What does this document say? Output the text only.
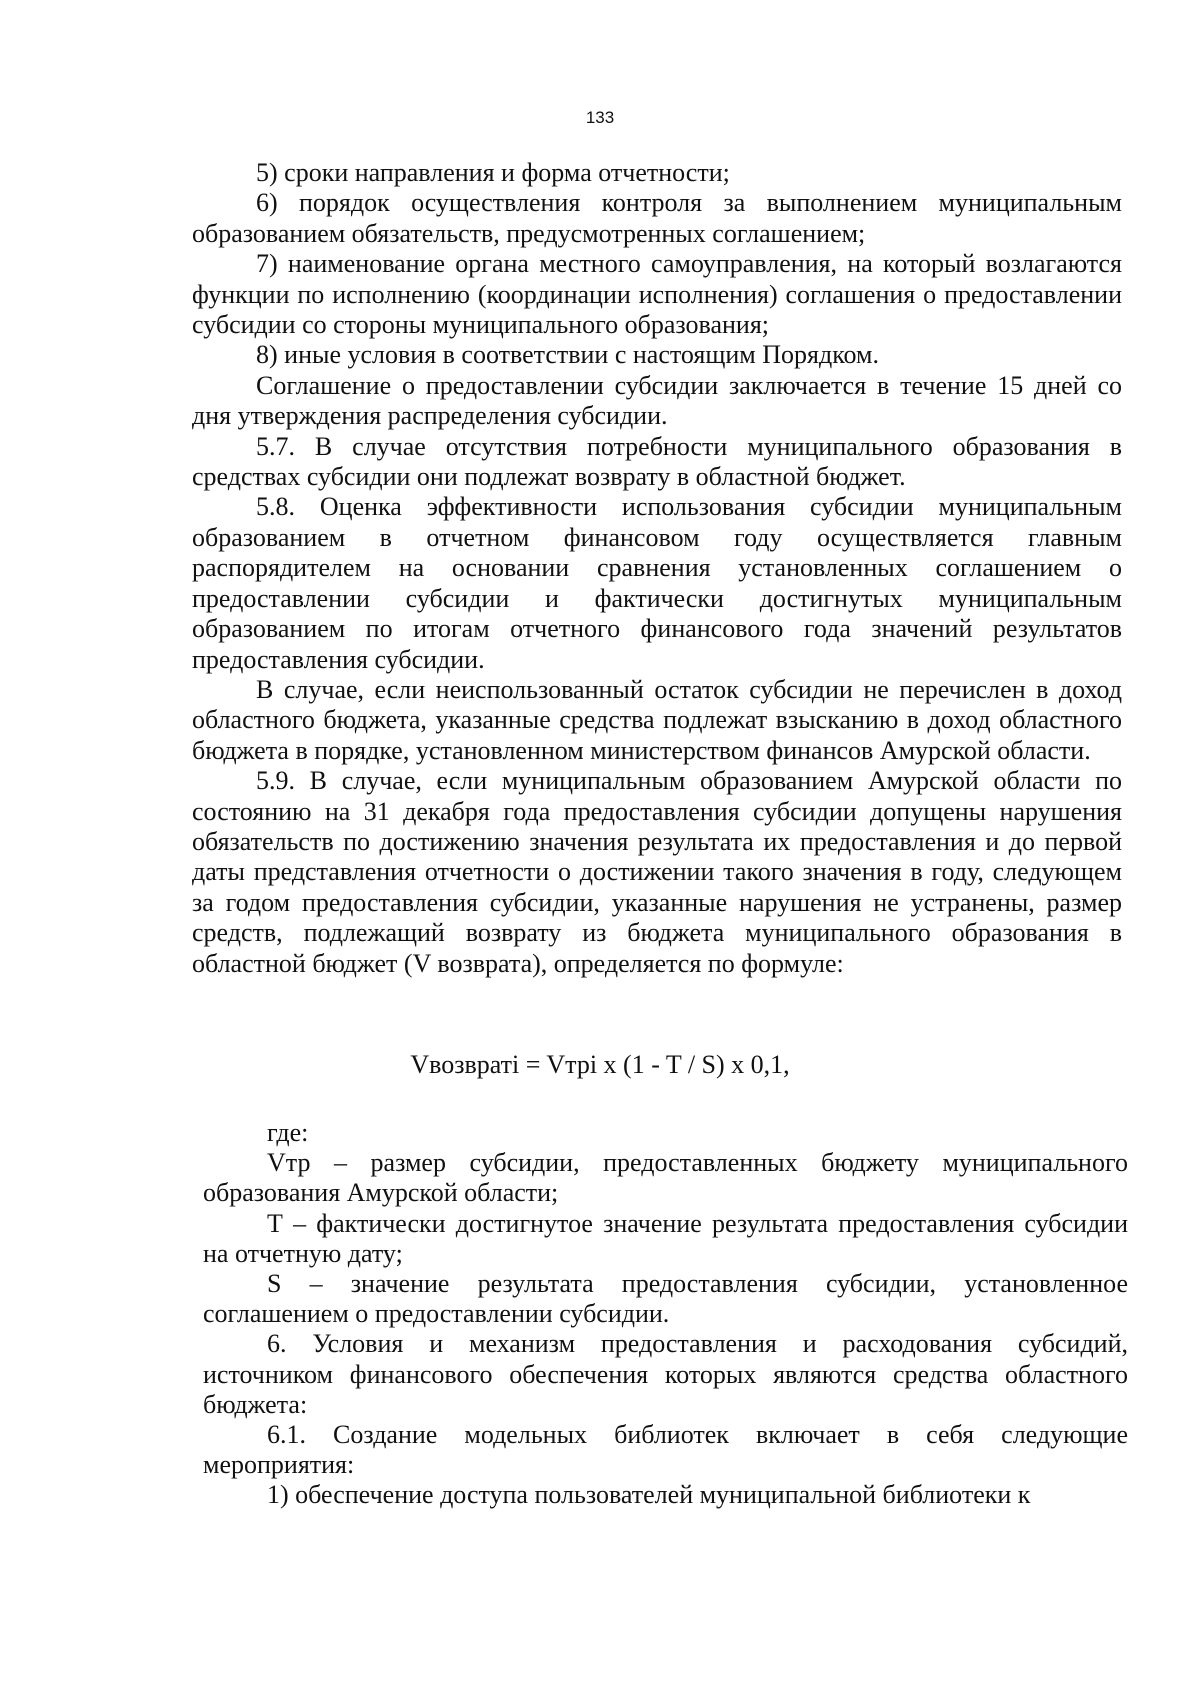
133

5) сроки направления и форма отчетности;

6) порядок осуществления контроля за выполнением муниципальным образованием обязательств, предусмотренных соглашением;

7) наименование органа местного самоуправления, на который возлагаются функции по исполнению (координации исполнения) соглашения о предоставлении субсидии со стороны муниципального образования;

8) иные условия в соответствии с настоящим Порядком.

Соглашение о предоставлении субсидии заключается в течение 15 дней со дня утверждения распределения субсидии.

5.7. В случае отсутствия потребности муниципального образования в средствах субсидии они подлежат возврату в областной бюджет.

5.8. Оценка эффективности использования субсидии муниципальным образованием в отчетном финансовом году осуществляется главным распорядителем на основании сравнения установленных соглашением о предоставлении субсидии и фактически достигнутых муниципальным образованием по итогам отчетного финансового года значений результатов предоставления субсидии.

В случае, если неиспользованный остаток субсидии не перечислен в доход областного бюджета, указанные средства подлежат взысканию в доход областного бюджета в порядке, установленном министерством финансов Амурской области.

5.9. В случае, если муниципальным образованием Амурской области по состоянию на 31 декабря года предоставления субсидии допущены нарушения обязательств по достижению значения результата их предоставления и до первой даты представления отчетности о достижении такого значения в году, следующем за годом предоставления субсидии, указанные нарушения не устранены, размер средств, подлежащий возврату из бюджета муниципального образования в областной бюджет (V возврата), определяется по формуле:

Vвозвратi = Vтрi x (1 - T / S) x 0,1,

где:

Vтр – размер субсидии, предоставленных бюджету муниципального образования Амурской области;

Т – фактически достигнутое значение результата предоставления субсидии на отчетную дату;

S – значение результата предоставления субсидии, установленное соглашением о предоставлении субсидии.

6. Условия и механизм предоставления и расходования субсидий, источником финансового обеспечения которых являются средства областного бюджета:

6.1. Создание модельных библиотек включает в себя следующие мероприятия:

1) обеспечение доступа пользователей муниципальной библиотеки к
